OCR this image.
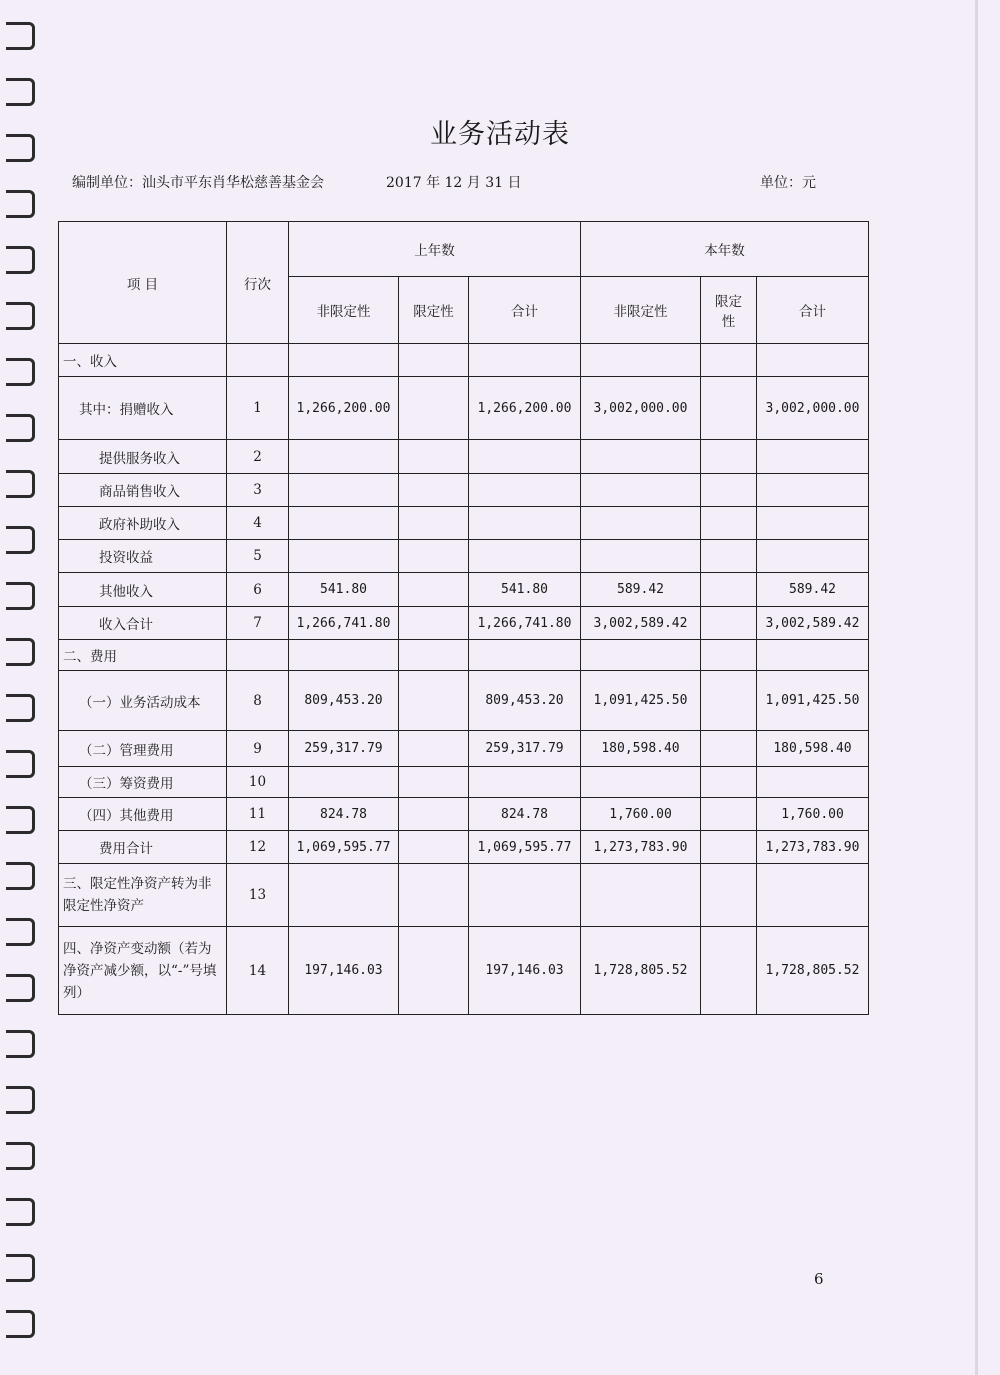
业务活动表
编制单位：汕头市平东肖华松慈善基金会	2017 年 12 月 31 日	单位：元
项 目	行次	上年数			本年数		
		非限定性	限定性	合计	非限定性	限定性	合计
一、收入							
其中：捐赠收入	1	1,266,200.00		1,266,200.00	3,002,000.00		3,002,000.00
提供服务收入	2						
商品销售收入	3						
政府补助收入	4						
投资收益	5						
其他收入	6	541.80		541.80	589.42		589.42
收入合计	7	1,266,741.80		1,266,741.80	3,002,589.42		3,002,589.42
二、费用							
（一）业务活动成本	8	809,453.20		809,453.20	1,091,425.50		1,091,425.50
（二）管理费用	9	259,317.79		259,317.79	180,598.40		180,598.40
（三）筹资费用	10						
（四）其他费用	11	824.78		824.78	1,760.00		1,760.00
费用合计	12	1,069,595.77		1,069,595.77	1,273,783.90		1,273,783.90
三、限定性净资产转为非限定性净资产	13						
四、净资产变动额（若为净资产减少额，以“-”号填列）	14	197,146.03		197,146.03	1,728,805.52		1,728,805.52
6
